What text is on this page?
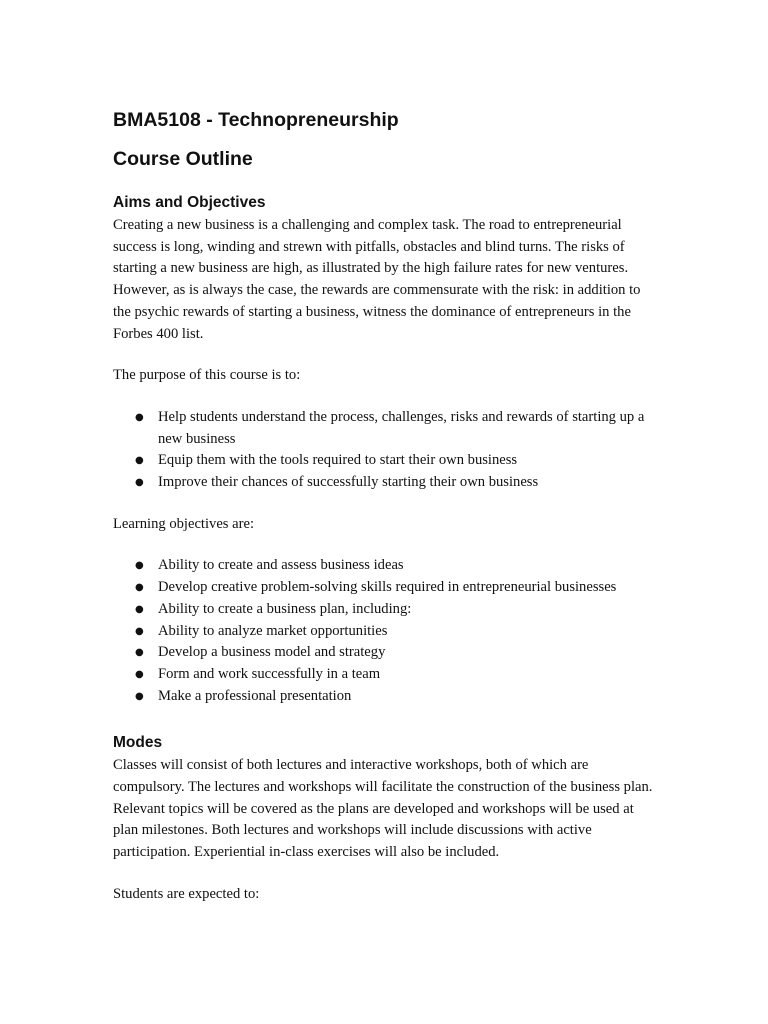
BMA5108 - Technopreneurship
Course Outline
Aims and Objectives

Creating a new business is a challenging and complex task. The road to entrepreneurial success is long, winding and strewn with pitfalls, obstacles and blind turns. The risks of starting a new business are high, as illustrated by the high failure rates for new ventures. However, as is always the case, the rewards are commensurate with the risk: in addition to the psychic rewards of starting a business, witness the dominance of entrepreneurs in the Forbes 400 list.

The purpose of this course is to:

● Help students understand the process, challenges, risks and rewards of starting up a new business
● Equip them with the tools required to start their own business
● Improve their chances of successfully starting their own business

Learning objectives are:

● Ability to create and assess business ideas
● Develop creative problem-solving skills required in entrepreneurial businesses
● Ability to create a business plan, including:
● Ability to analyze market opportunities
● Develop a business model and strategy
● Form and work successfully in a team
● Make a professional presentation
Modes

Classes will consist of both lectures and interactive workshops, both of which are compulsory. The lectures and workshops will facilitate the construction of the business plan. Relevant topics will be covered as the plans are developed and workshops will be used at plan milestones. Both lectures and workshops will include discussions with active participation. Experiential in-class exercises will also be included.

Students are expected to:
